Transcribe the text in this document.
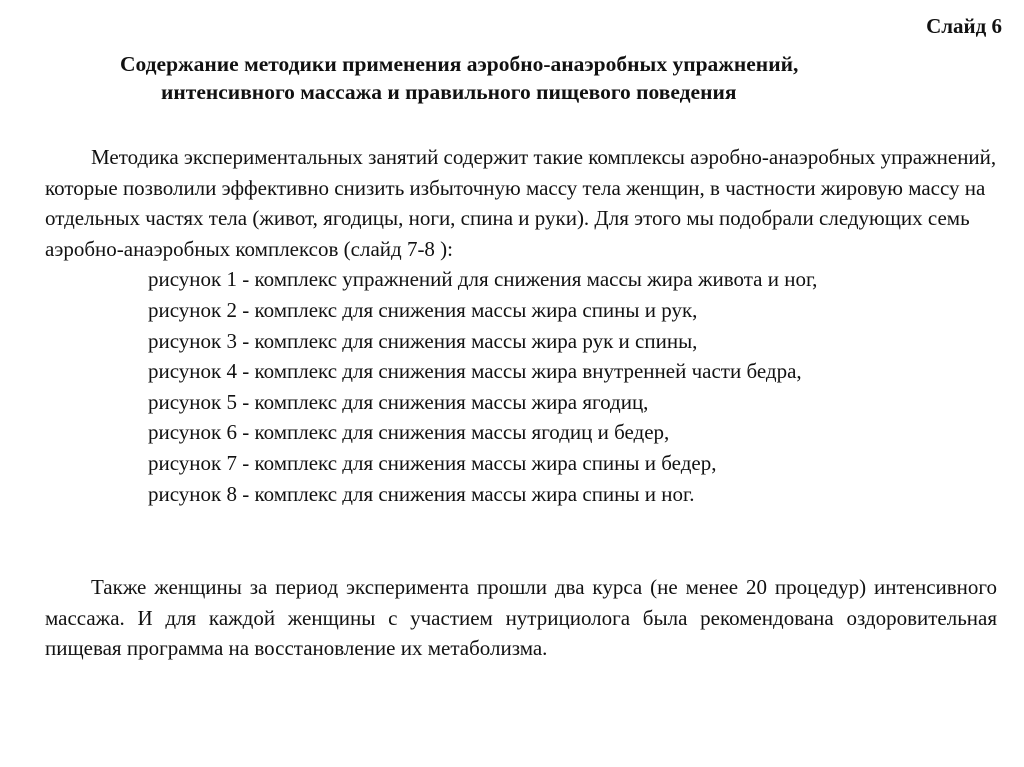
Слайд 6
Содержание методики применения аэробно-анаэробных упражнений,
интенсивного массажа и правильного пищевого поведения
Методика экспериментальных занятий содержит такие комплексы аэробно-анаэробных упражнений, которые позволили эффективно снизить избыточную массу тела женщин, в частности жировую массу на отдельных частях тела (живот, ягодицы, ноги, спина и руки). Для этого мы подобрали следующих семь аэробно-анаэробных комплексов (слайд 7-8 ):
рисунок 1 - комплекс упражнений для снижения массы жира живота и ног,
рисунок 2 - комплекс для снижения массы жира спины и рук,
рисунок 3 - комплекс для снижения массы жира рук и спины,
рисунок 4 - комплекс для снижения массы жира внутренней части бедра,
рисунок 5 - комплекс для снижения массы жира ягодиц,
рисунок 6 - комплекс для снижения массы ягодиц и бедер,
рисунок 7 - комплекс для снижения массы жира спины и бедер,
рисунок 8 - комплекс для снижения массы жира спины и ног.

Также женщины за период эксперимента прошли два курса (не менее 20 процедур) интенсивного массажа. И для каждой женщины с участием нутрициолога была рекомендована оздоровительная пищевая программа на восстановление их метаболизма.
